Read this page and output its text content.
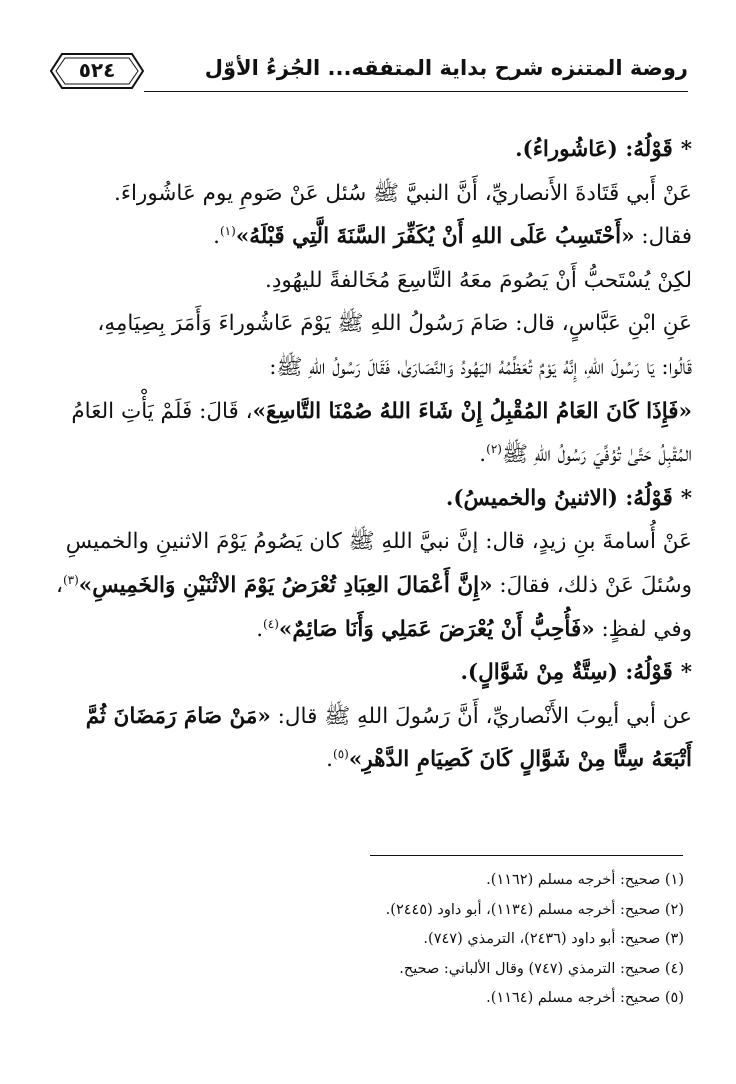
روضة المتنزه شرح بداية المتفقه... الجُزءُ الأوّل
٥٢٤
*قَوْلُهُ: (عَاشُوراءُ).
عَنْ أَبي قَتَادةَ الأَنصاريِّ، أَنَّ النبيَّ ﷺ سُئل عَنْ صَومِ يوم عَاشُوراءَ.
فقال: «أَحْتَسِبُ عَلَى اللهِ أَنْ يُكَفِّرَ السَّنَةَ الَّتِي قَبْلَهُ»$^{(١)}$.
لكِنْ يُسْتَحبُّ أَنْ يَصُومَ معَهُ التَّاسِعَ مُخَالفةً لليهُودِ.
عَنِ ابْنِ عَبَّاسٍ، قال: صَامَ رَسُولُ اللهِ ﷺ يَوْمَ عَاشُوراءَ وَأَمَرَ بِصِيَامِهِ،
قَالُوا: يَا رَسُولَ اللهِ، إِنَّهُ يَوْمٌ تُعَظِّمُهُ اليَهُودُ وَالنَّصَارَىٰ، فَقَالَ رَسُولُ اللهِ ﷺ:
«فَإِذَا كَانَ العَامُ المُقْبِلُ إِنْ شَاءَ اللهُ صُمْنَا التَّاسِعَ»، قَالَ: فَلَمْ يَأْتِ العَامُ
المُقْبِلُ حَتَّىٰ تُوُفِّيَ رَسُولُ اللهِ ﷺ$^{(٢)}$.
*قَوْلُهُ: (الاثنينُ والخميسُ).
عَنْ أُسامةَ بنِ زيدٍ، قال: إنَّ نبيَّ اللهِ ﷺ كان يَصُومُ يَوْمَ الاثنينِ والخميسِ
وسُئلَ عَنْ ذلك، فقالَ: «إِنَّ أَعْمَالَ العِبَادِ تُعْرَضُ يَوْمَ الاثْنَيْنِ وَالخَمِيسِ»$^{(٣)}$،
وفي لفظٍ: «فَأُحِبُّ أَنْ يُعْرَضَ عَمَلِي وَأَنَا صَائِمٌ»$^{(٤)}$.
*قَوْلُهُ: (سِتَّةٌ مِنْ شَوَّالٍ).
عن أبي أيوبَ الأَنْصاريِّ، أَنَّ رَسُولَ اللهِ ﷺ قال: «مَنْ صَامَ رَمَضَانَ ثُمَّ
أَتْبَعَهُ سِتًّا مِنْ شَوَّالٍ كَانَ كَصِيَامِ الدَّهْرِ»$^{(٥)}$.
(١) صحيح: أخرجه مسلم (١١٦٢).
(٢) صحيح: أخرجه مسلم (١١٣٤)، أبو داود (٢٤٤٥).
(٣) صحيح: أبو داود (٢٤٣٦)، الترمذي (٧٤٧).
(٤) صحيح: الترمذي (٧٤٧) وقال الألباني: صحيح.
(٥) صحيح: أخرجه مسلم (١١٦٤).
